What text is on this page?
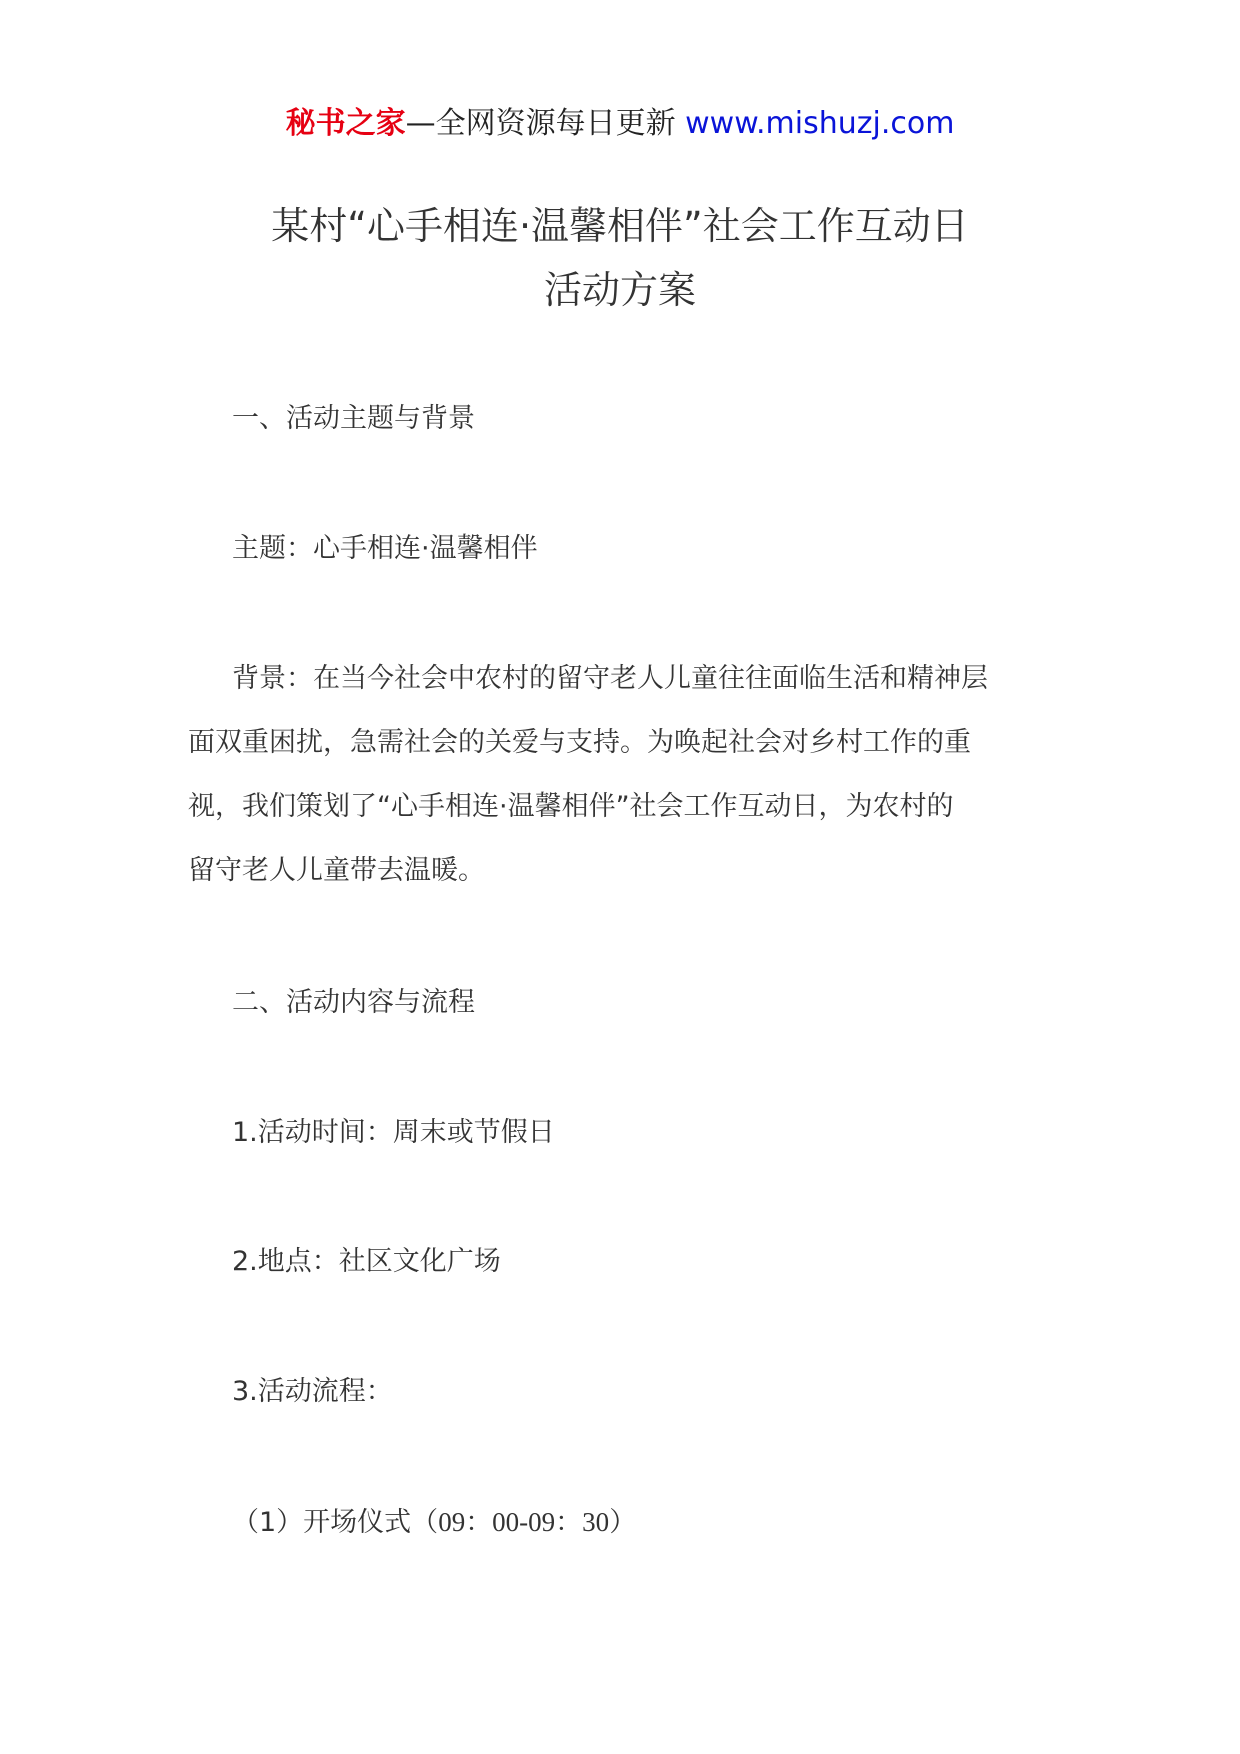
秘书之家—全网资源每日更新 www.mishuzj.com
某村“心手相连·温馨相伴”社会工作互动日
活动方案
一、活动主题与背景
主题：心手相连·温馨相伴
背景：在当今社会中农村的留守老人儿童往往面临生活和精神层
面双重困扰，急需社会的关爱与支持。为唤起社会对乡村工作的重
视，我们策划了“心手相连·温馨相伴”社会工作互动日，为农村的
留守老人儿童带去温暖。
二、活动内容与流程
1.活动时间：周末或节假日
2.地点：社区文化广场
3.活动流程：
（1）开场仪式（09：00-09：30）
